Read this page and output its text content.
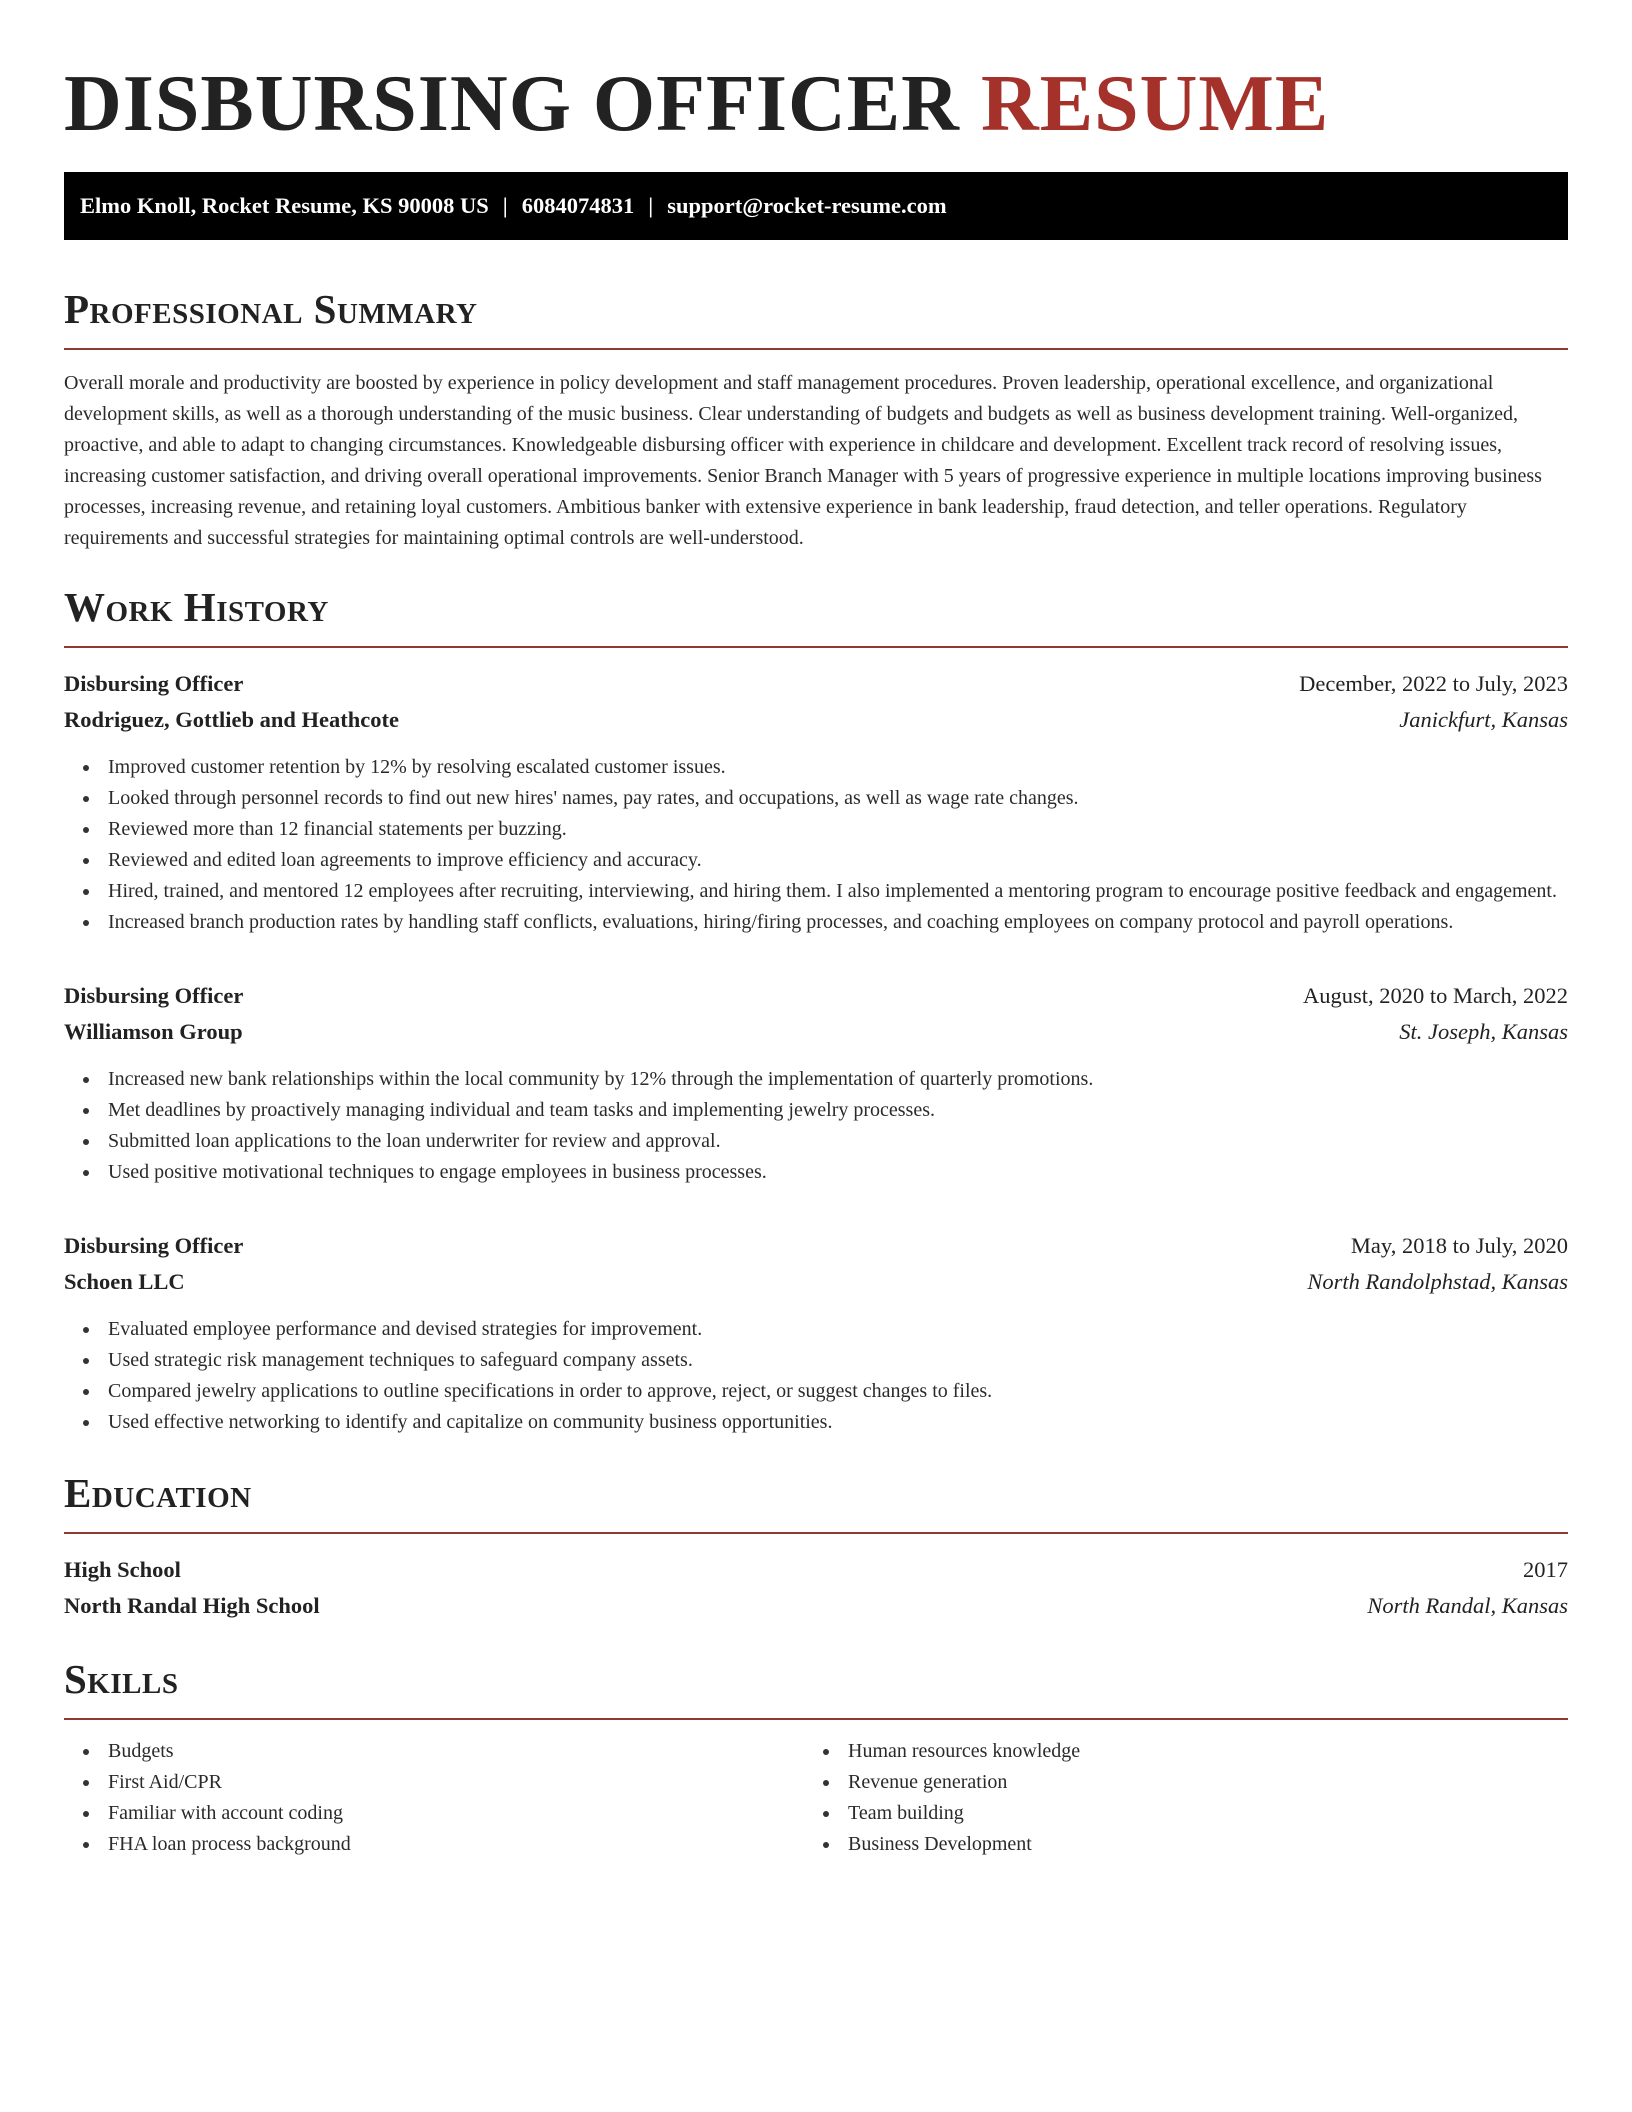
DISBURSING OFFICER RESUME
Elmo Knoll, Rocket Resume, KS 90008 US | 6084074831 | support@rocket-resume.com
Professional Summary

Overall morale and productivity are boosted by experience in policy development and staff management procedures. Proven leadership, operational excellence, and organizational development skills, as well as a thorough understanding of the music business. Clear understanding of budgets and budgets as well as business development training. Well-organized, proactive, and able to adapt to changing circumstances. Knowledgeable disbursing officer with experience in childcare and development. Excellent track record of resolving issues, increasing customer satisfaction, and driving overall operational improvements. Senior Branch Manager with 5 years of progressive experience in multiple locations improving business processes, increasing revenue, and retaining loyal customers. Ambitious banker with extensive experience in bank leadership, fraud detection, and teller operations. Regulatory requirements and successful strategies for maintaining optimal controls are well-understood.

Work History
Disbursing Officer	December, 2022 to July, 2023
Rodriguez, Gottlieb and Heathcote	Janickfurt, Kansas
Improved customer retention by 12% by resolving escalated customer issues.
Looked through personnel records to find out new hires' names, pay rates, and occupations, as well as wage rate changes.
Reviewed more than 12 financial statements per buzzing.
Reviewed and edited loan agreements to improve efficiency and accuracy.
Hired, trained, and mentored 12 employees after recruiting, interviewing, and hiring them. I also implemented a mentoring program to encourage positive feedback and engagement.
Increased branch production rates by handling staff conflicts, evaluations, hiring/firing processes, and coaching employees on company protocol and payroll operations.
Disbursing Officer	August, 2020 to March, 2022
Williamson Group	St. Joseph, Kansas
Increased new bank relationships within the local community by 12% through the implementation of quarterly promotions.
Met deadlines by proactively managing individual and team tasks and implementing jewelry processes.
Submitted loan applications to the loan underwriter for review and approval.
Used positive motivational techniques to engage employees in business processes.
Disbursing Officer	May, 2018 to July, 2020
Schoen LLC	North Randolphstad, Kansas
Evaluated employee performance and devised strategies for improvement.
Used strategic risk management techniques to safeguard company assets.
Compared jewelry applications to outline specifications in order to approve, reject, or suggest changes to files.
Used effective networking to identify and capitalize on community business opportunities.
Education
High School	2017
North Randal High School	North Randal, Kansas
Skills
Budgets
First Aid/CPR
Familiar with account coding
FHA loan process background
Human resources knowledge
Revenue generation
Team building
Business Development
